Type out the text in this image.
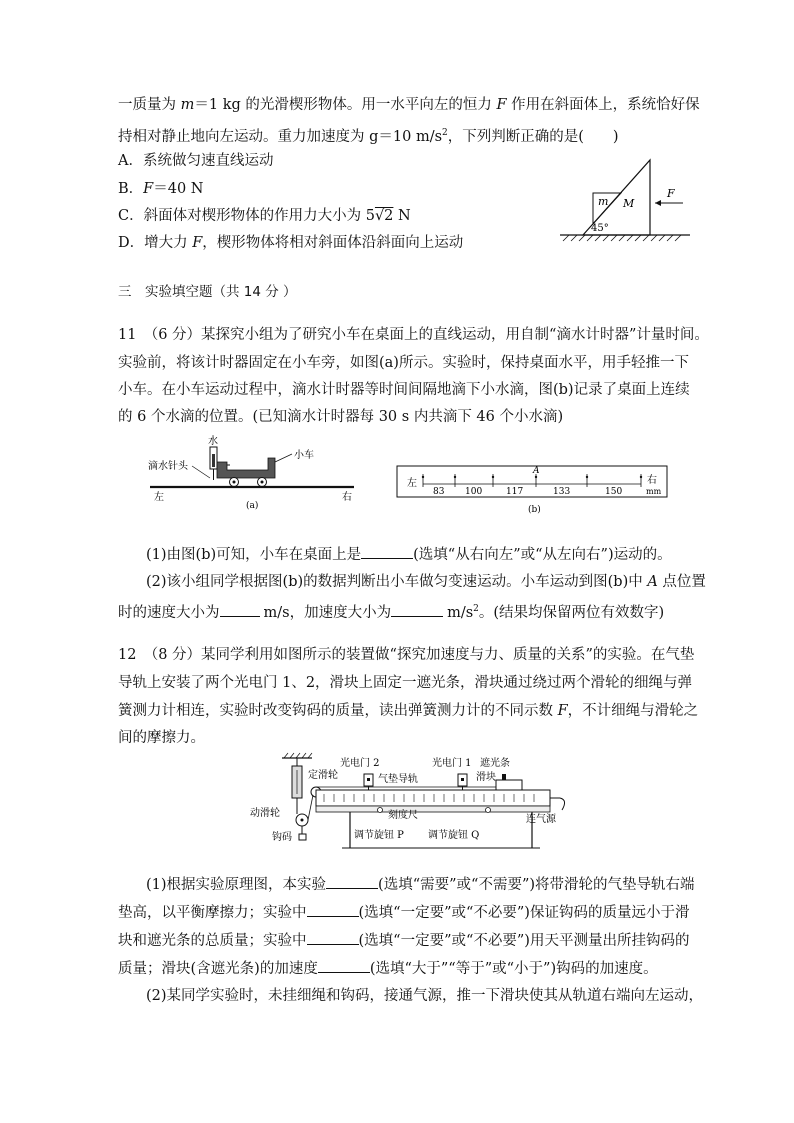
一质量为 m＝1 kg 的光滑楔形物体。用一水平向左的恒力 F 作用在斜面体上，系统恰好保
持相对静止地向左运动。重力加速度为 g＝10 $m/s^2$，下列判断正确的是(　　)
A．系统做匀速直线运动
B．F＝40 N
C．斜面体对楔形物体的作用力大小为 5√2 N
D．增大力 F，楔形物体将相对斜面体沿斜面向上运动
m M
45°
F
三　实验填空题（共 14 分 ）
11　（6 分）某探究小组为了研究小车在桌面上的直线运动，用自制“滴水计时器”计量时间。
实验前，将该计时器固定在小车旁，如图(a)所示。实验时，保持桌面水平，用手轻推一下
小车。在小车运动过程中，滴水计时器等时间间隔地滴下小水滴，图(b)记录了桌面上连续
的 6 个水滴的位置。(已知滴水计时器每 30 s 内共滴下 46 个小水滴)
水
滴水针头
小车
左	右
(a)
左	右
mm
A
83 100	117	133	150
(b)
(1)由图(b)可知，小车在桌面上是	(选填“从右向左”或“从左向右”)运动的。
(2)该小组同学根据图(b)的数据判断出小车做匀变速运动。小车运动到图(b)中 A 点位置
时的速度大小为	m/s，加速度大小为	$m/s^2$。(结果均保留两位有效数字)
12　（8 分）某同学利用如图所示的装置做“探究加速度与力、质量的关系”的实验。在气垫
导轨上安装了两个光电门 1、2，滑块上固定一遮光条，滑块通过绕过两个滑轮的细绳与弹
簧测力计相连，实验时改变钩码的质量，读出弹簧测力计的不同示数 F，不计细绳与滑轮之
间的摩擦力。
定滑轮
光电门 2
气垫导轨
光电门 1 遮光条
滑块
动滑轮	刻度尺	连气源
钩码	调节旋钮 P 调节旋钮 Q
(1)根据实验原理图，本实验	(选填“需要”或“不需要”)将带滑轮的气垫导轨右端
垫高，以平衡摩擦力；实验中	(选填“一定要”或“不必要”)保证钩码的质量远小于滑
块和遮光条的总质量；实验中	(选填“一定要”或“不必要”)用天平测量出所挂钩码的
质量；滑块(含遮光条)的加速度	(选填“大于”“等于”或“小于”)钩码的加速度。
(2)某同学实验时，未挂细绳和钩码，接通气源，推一下滑块使其从轨道右端向左运动，
